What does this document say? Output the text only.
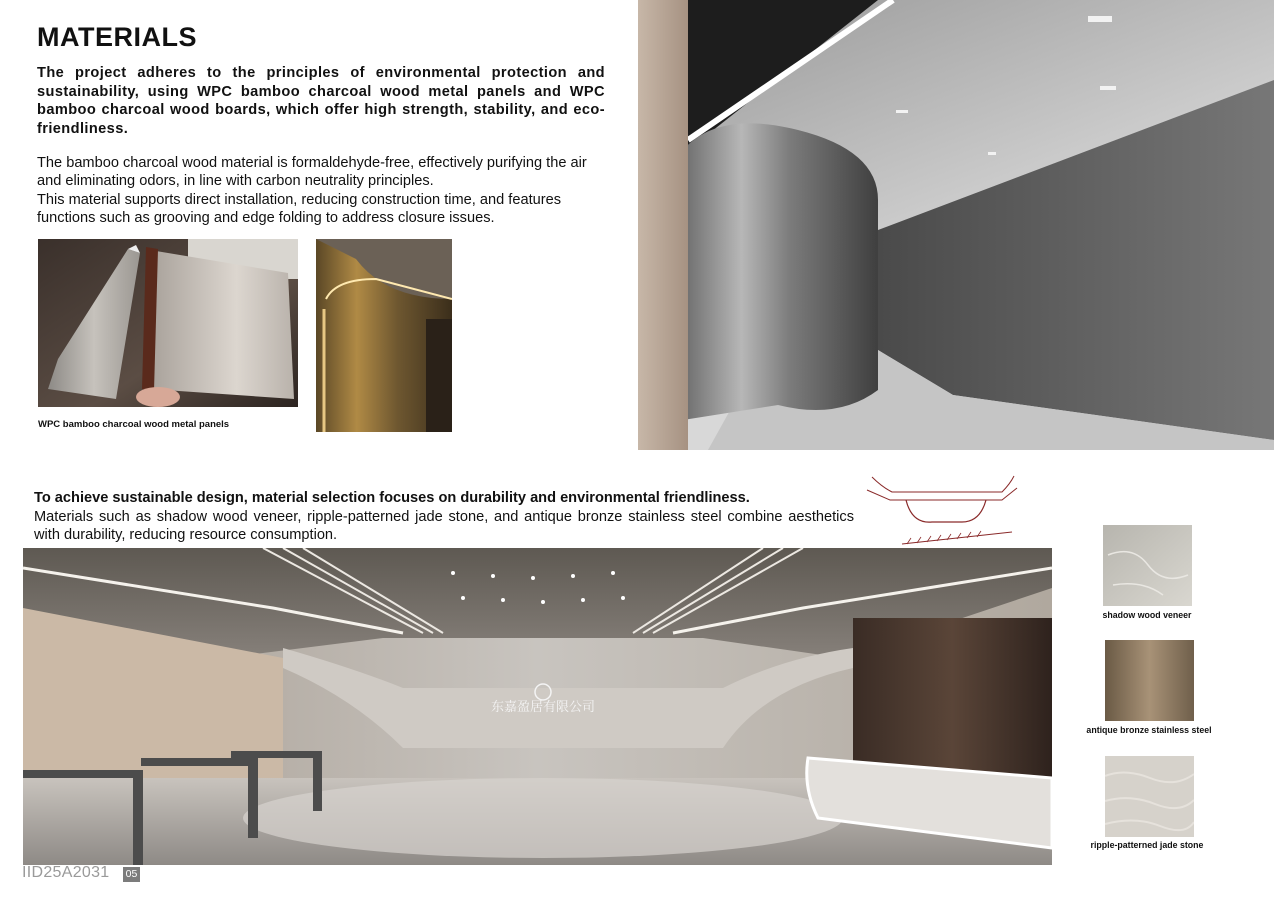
MATERIALS
The project adheres to the principles of environmental protection and sustainability, using WPC bamboo charcoal wood metal panels and WPC bamboo charcoal wood boards, which offer high strength, stability, and eco-friendliness.

The bamboo charcoal wood material is formaldehyde-free, effectively purifying the air and eliminating odors, in line with carbon neutrality principles.

This material supports direct installation, reducing construction time, and features functions such as grooving and edge folding to address closure issues.

WPC bamboo charcoal wood metal panels
To achieve sustainable design, material selection focuses on durability and environmental friendliness.
Materials such as shadow wood veneer, ripple-patterned jade stone, and antique bronze stainless steel combine aesthetics with durability, reducing resource consumption.
东嘉盈居有限公司
shadow wood veneer
antique bronze stainless steel
ripple-patterned jade stone
IID25A2031 05
